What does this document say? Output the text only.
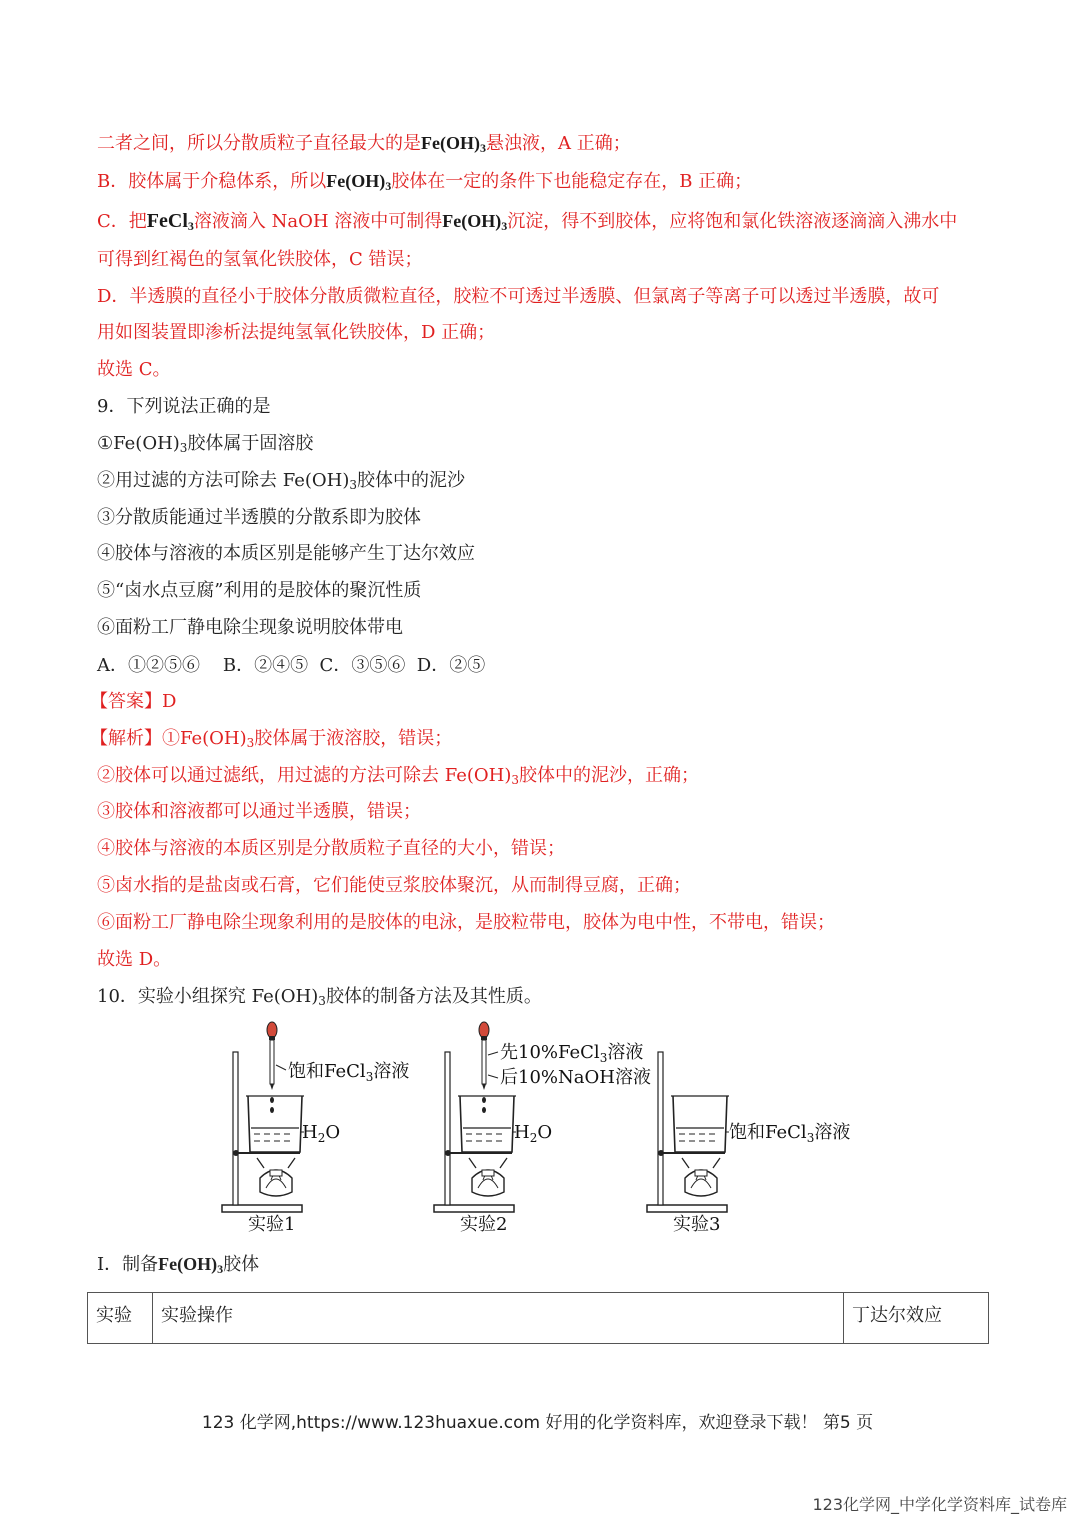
二者之间，所以分散质粒子直径最大的是$Fe(OH)_3$悬浊液，A 正确；
B．胶体属于介稳体系，所以$Fe(OH)_3$胶体在一定的条件下也能稳定存在，B 正确；
C．把FeCl$_3$溶液滴入 NaOH 溶液中可制得$Fe(OH)_3$沉淀，得不到胶体，应将饱和氯化铁溶液逐滴滴入沸水中
可得到红褐色的氢氧化铁胶体，C 错误；
D．半透膜的直径小于胶体分散质微粒直径，胶粒不可透过半透膜、但氯离子等离子可以透过半透膜，故可
用如图装置即渗析法提纯氢氧化铁胶体，D 正确；
故选 C。
9．下列说法正确的是
$①Fe(OH)_3$胶体属于固溶胶
②用过滤的方法可除去 $Fe(OH)_3$胶体中的泥沙
③分散质能通过半透膜的分散系即为胶体
④胶体与溶液的本质区别是能够产生丁达尔效应
⑤“卤水点豆腐”利用的是胶体的聚沉性质
⑥面粉工厂静电除尘现象说明胶体带电
A．①②⑤⑥    B．②④⑤  C．③⑤⑥  D．②⑤
【答案】D
【解析】$①Fe(OH)_3$胶体属于液溶胶，错误；
②胶体可以通过滤纸，用过滤的方法可除去 $Fe(OH)_3$胶体中的泥沙，正确；
③胶体和溶液都可以通过半透膜，错误；
④胶体与溶液的本质区别是分散质粒子直径的大小，错误；
⑤卤水指的是盐卤或石膏，它们能使豆浆胶体聚沉，从而制得豆腐，正确；
⑥面粉工厂静电除尘现象利用的是胶体的电泳，是胶粒带电，胶体为电中性，不带电，错误；
故选 D。
10．实验小组探究 $Fe(OH)_3$胶体的制备方法及其性质。
饱和FeCl$_3$溶液
$H_2O$
实验1
先10%FeCl$_3$溶液
后10%NaOH溶液
$H_2O$
实验2
饱和FeCl$_3$溶液
实验3
I．制备$Fe(OH)_3$胶体
实验	实验操作	丁达尔效应
123 化学网,https://www.123huaxue.com 好用的化学资料库，欢迎登录下载！ 第5 页
123化学网_中学化学资料库_试卷库
